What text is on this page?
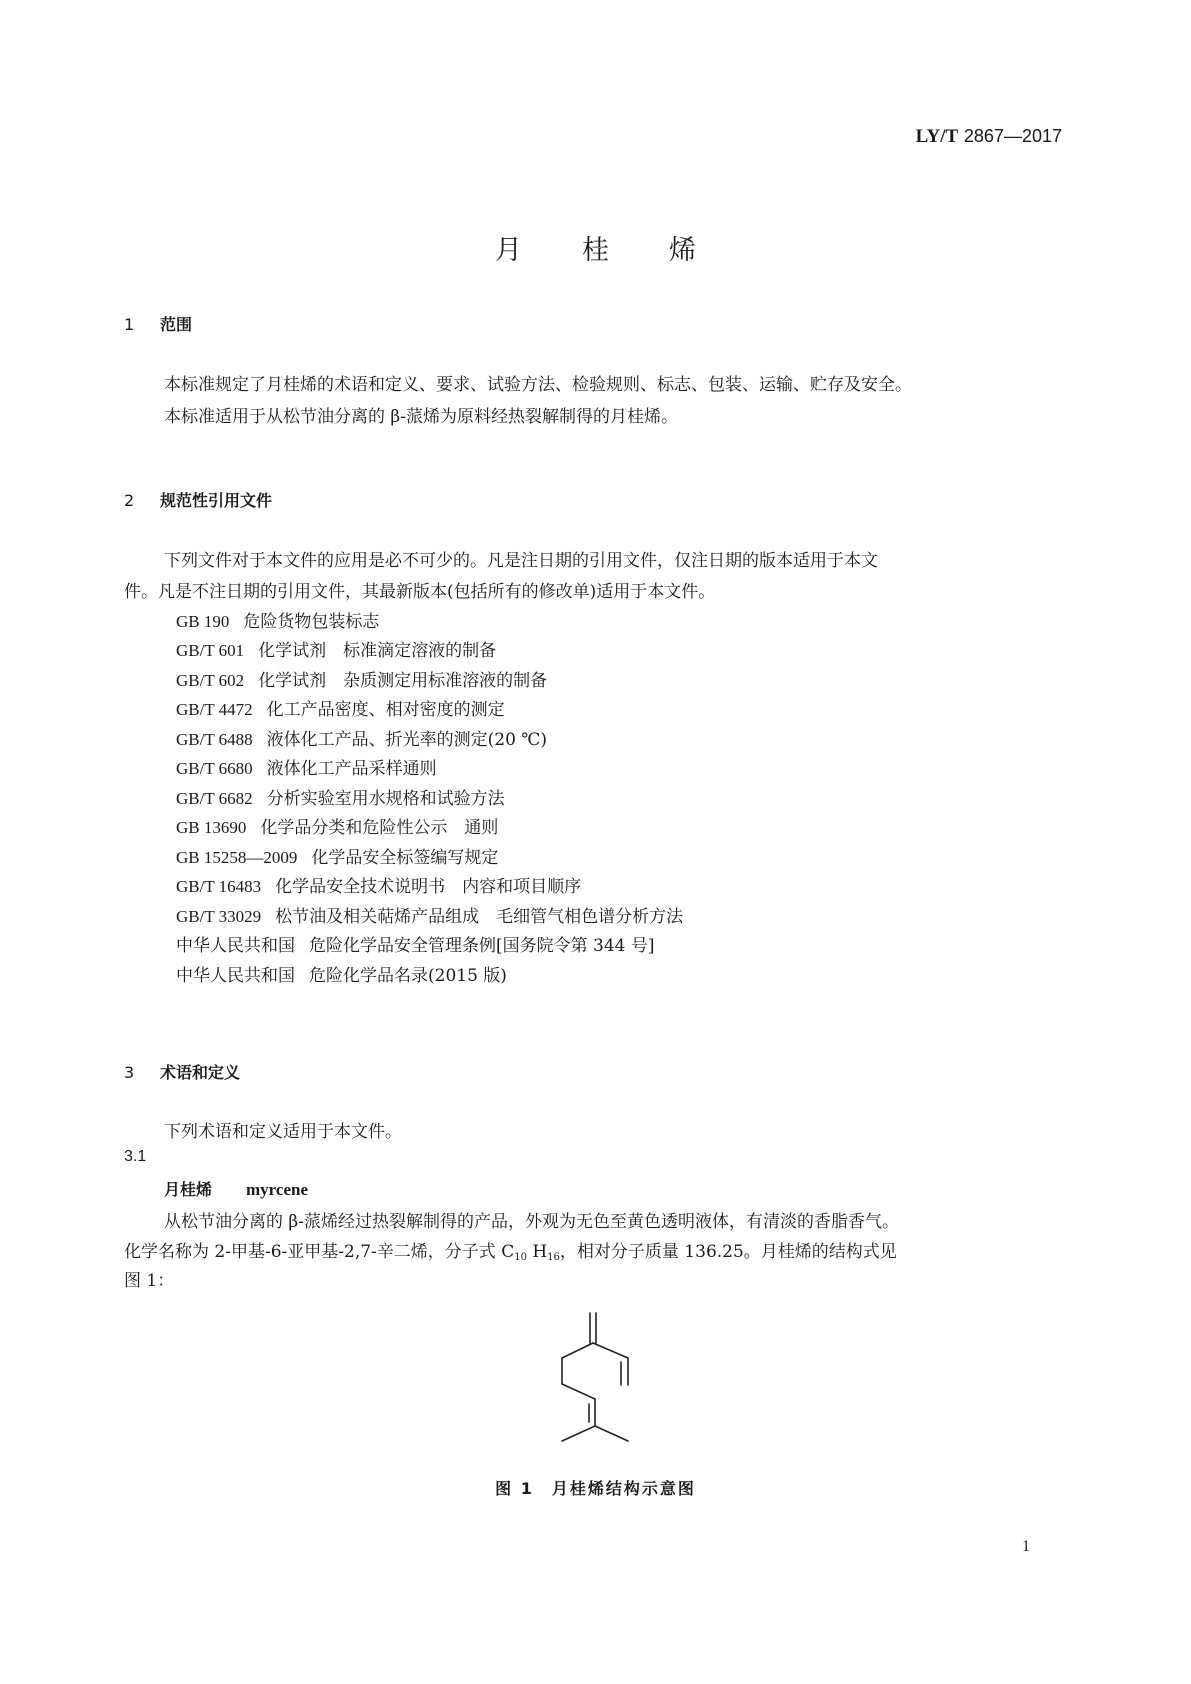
LY/T 2867—2017
月桂烯
1 范围
本标准规定了月桂烯的术语和定义、要求、试验方法、检验规则、标志、包装、运输、贮存及安全。
本标准适用于从松节油分离的 β-蒎烯为原料经热裂解制得的月桂烯。
2 规范性引用文件
下列文件对于本文件的应用是必不可少的。凡是注日期的引用文件，仅注日期的版本适用于本文
件。凡是不注日期的引用文件，其最新版本(包括所有的修改单)适用于本文件。
GB 190 危险货物包装标志
GB/T 601 化学试剂　标准滴定溶液的制备
GB/T 602 化学试剂　杂质测定用标准溶液的制备
GB/T 4472 化工产品密度、相对密度的测定
GB/T 6488 液体化工产品、折光率的测定(20 ℃)
GB/T 6680 液体化工产品采样通则
GB/T 6682 分析实验室用水规格和试验方法
GB 13690 化学品分类和危险性公示　通则
GB 15258—2009 化学品安全标签编写规定
GB/T 16483 化学品安全技术说明书　内容和项目顺序
GB/T 33029 松节油及相关萜烯产品组成　毛细管气相色谱分析方法
中华人民共和国 危险化学品安全管理条例[国务院令第 344 号]
中华人民共和国 危险化学品名录(2015 版)
3 术语和定义
下列术语和定义适用于本文件。
3.1
月桂烯 myrcene
从松节油分离的 β-蒎烯经过热裂解制得的产品，外观为无色至黄色透明液体，有清淡的香脂香气。
化学名称为 2-甲基-6-亚甲基-2,7-辛二烯，分子式 $C_{10}$ $H_{16}$，相对分子质量 136.25。月桂烯的结构式见
图 1：
图 1　月桂烯结构示意图
1
